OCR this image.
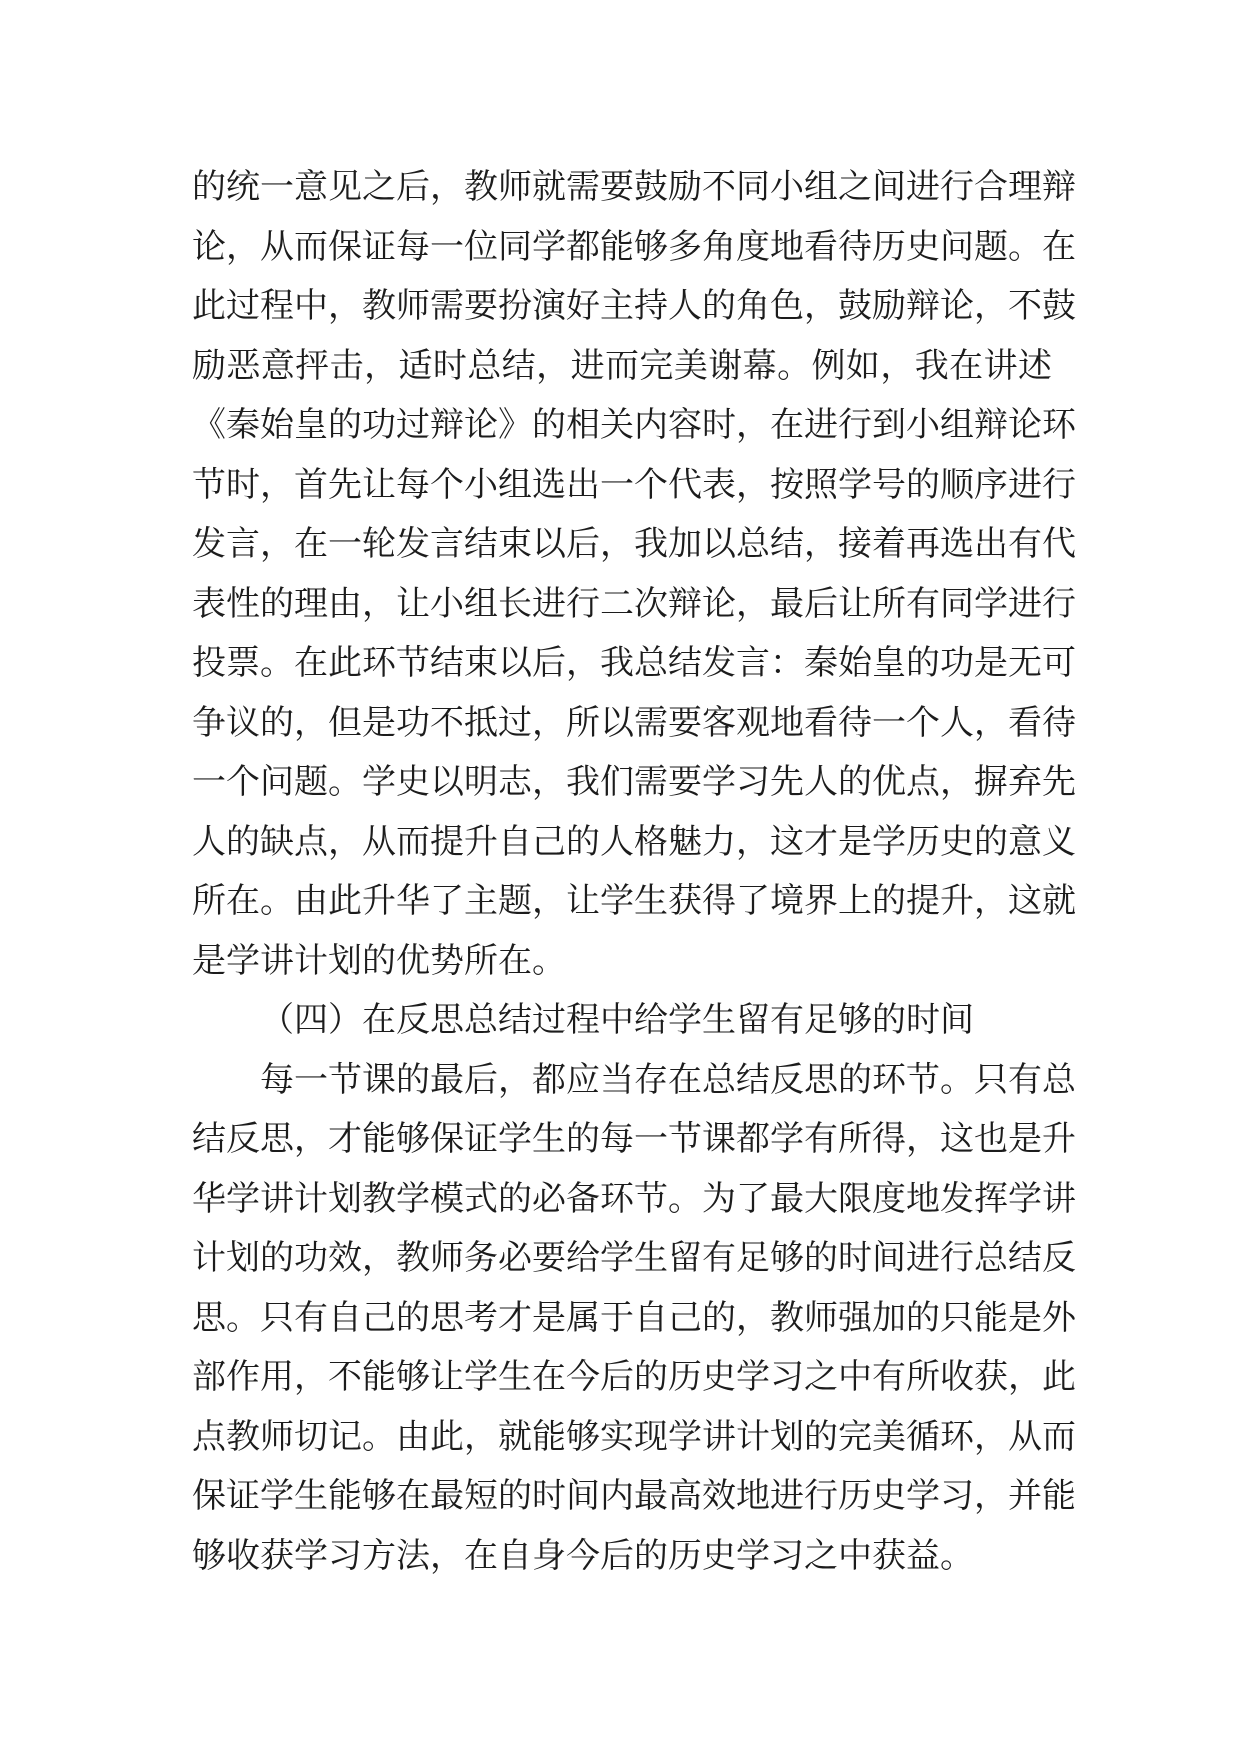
的统一意见之后，教师就需要鼓励不同小组之间进行合理辩
论，从而保证每一位同学都能够多角度地看待历史问题。在
此过程中，教师需要扮演好主持人的角色，鼓励辩论，不鼓
励恶意抨击，适时总结，进而完美谢幕。例如，我在讲述
《秦始皇的功过辩论》的相关内容时，在进行到小组辩论环
节时，首先让每个小组选出一个代表，按照学号的顺序进行
发言，在一轮发言结束以后，我加以总结，接着再选出有代
表性的理由，让小组长进行二次辩论，最后让所有同学进行
投票。在此环节结束以后，我总结发言：秦始皇的功是无可
争议的，但是功不抵过，所以需要客观地看待一个人，看待
一个问题。学史以明志，我们需要学习先人的优点，摒弃先
人的缺点，从而提升自己的人格魅力，这才是学历史的意义
所在。由此升华了主题，让学生获得了境界上的提升，这就
是学讲计划的优势所在。
（四）在反思总结过程中给学生留有足够的时间
每一节课的最后，都应当存在总结反思的环节。只有总
结反思，才能够保证学生的每一节课都学有所得，这也是升
华学讲计划教学模式的必备环节。为了最大限度地发挥学讲
计划的功效，教师务必要给学生留有足够的时间进行总结反
思。只有自己的思考才是属于自己的，教师强加的只能是外
部作用，不能够让学生在今后的历史学习之中有所收获，此
点教师切记。由此，就能够实现学讲计划的完美循环，从而
保证学生能够在最短的时间内最高效地进行历史学习，并能
够收获学习方法，在自身今后的历史学习之中获益。
